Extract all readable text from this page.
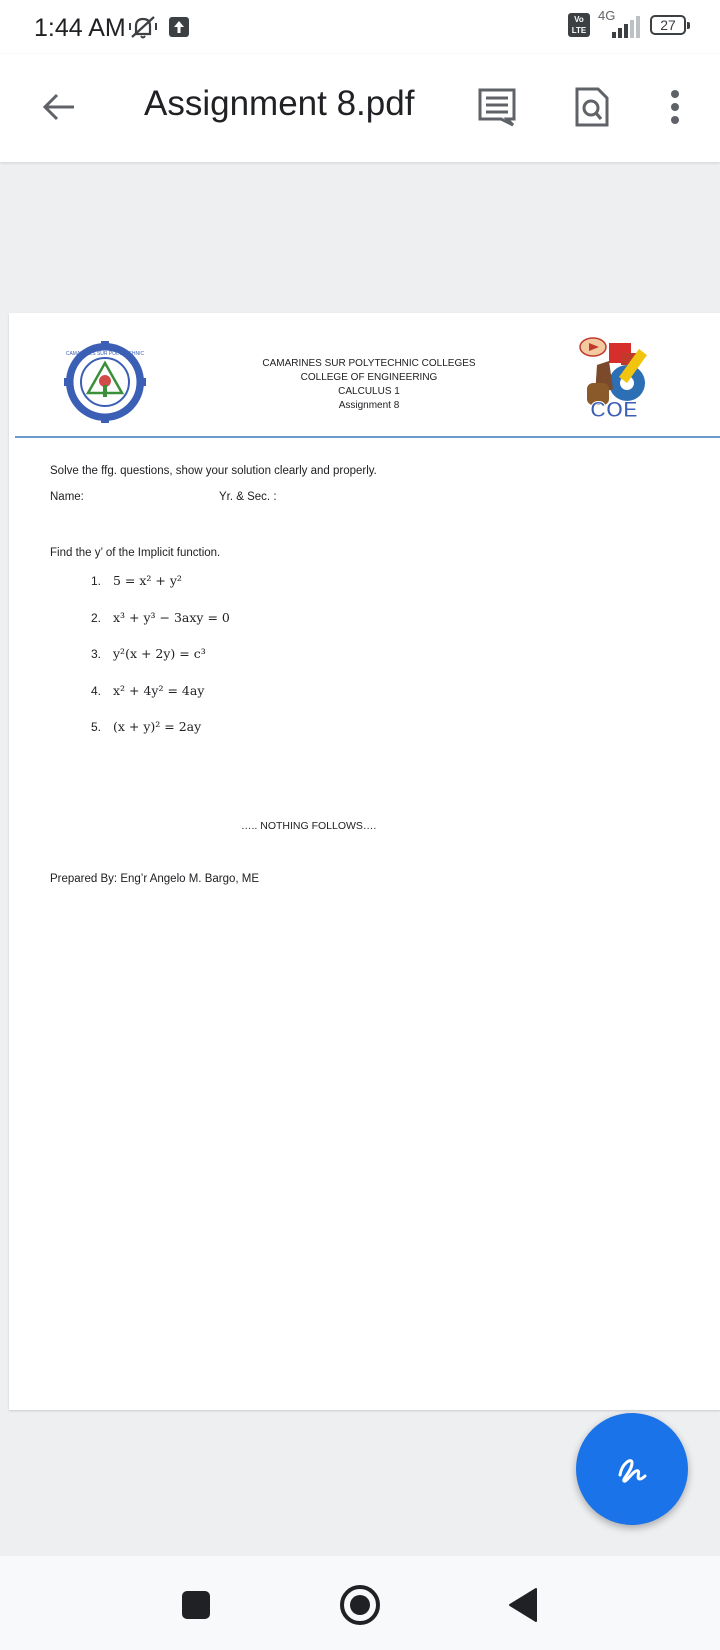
1:44 AM	Vo LTE
4G
27
Assignment 8.pdf
CAMARINES SUR POLYTECHNIC
CAMARINES SUR POLYTECHNIC COLLEGES
COLLEGE OF ENGINEERING
CALCULUS 1
Assignment 8	COE
Solve the ffg. questions, show your solution clearly and properly.
Name:	Yr. & Sec. :
Find the y’ of the Implicit function.
1. 5 = x² + y²
2. x³ + y³ − 3axy = 0
3. y²(x + 2y) = c³
4. x² + 4y² = 4ay
5. (x + y)² = 2ay
….. NOTHING FOLLOWS….
Prepared By: Eng’r Angelo M. Bargo, ME
